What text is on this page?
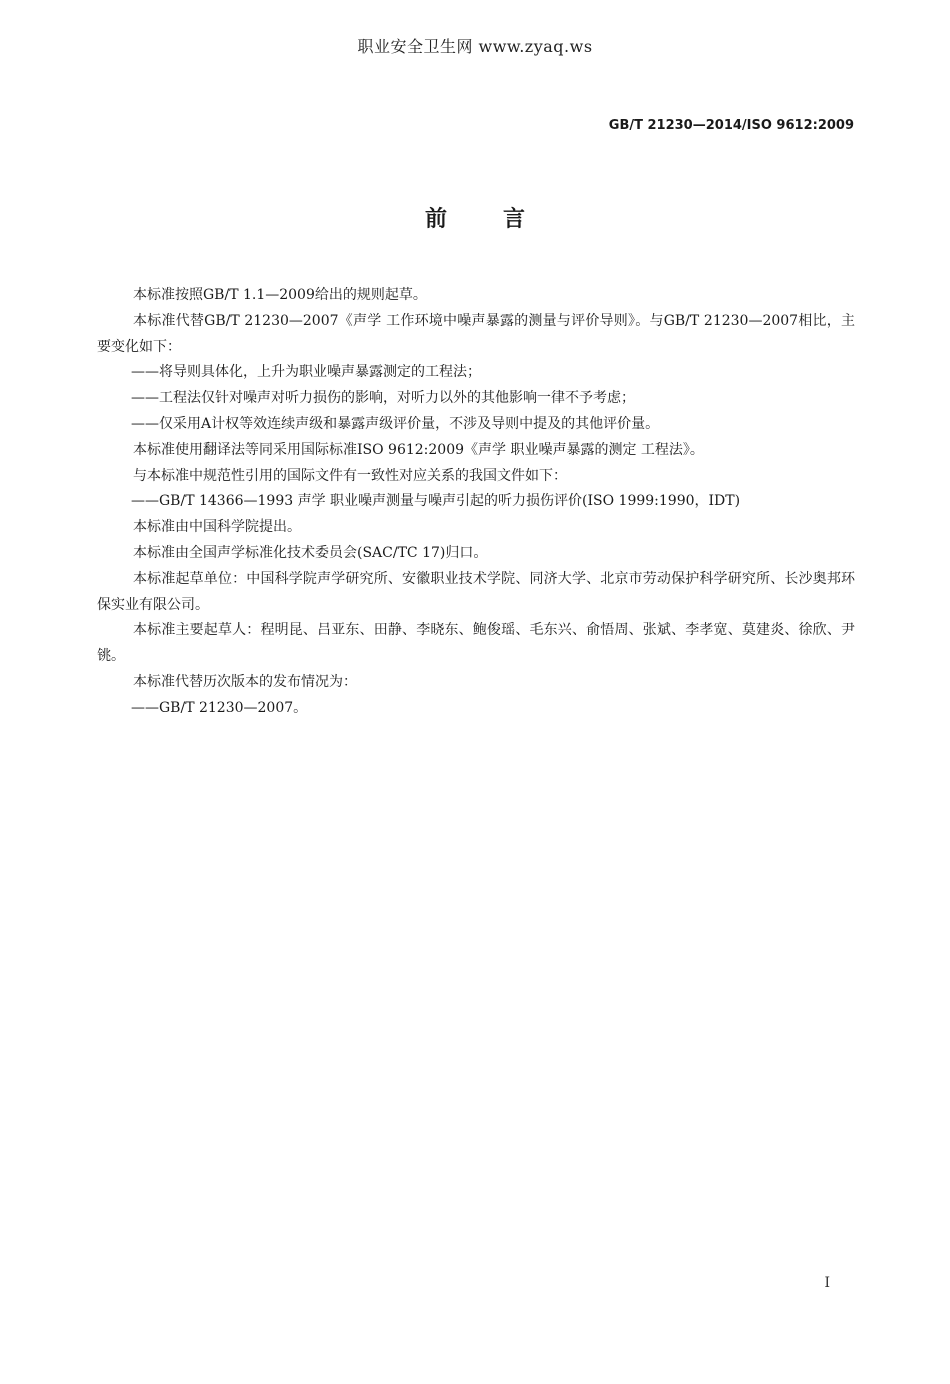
职业安全卫生网 www.zyaq.ws
GB/T 21230—2014/ISO 9612:2009
前言

本标准按照GB/T 1.1—2009给出的规则起草。

本标准代替GB/T 21230—2007《声学 工作环境中噪声暴露的测量与评价导则》。与GB/T 21230—2007相比，主要变化如下：

——将导则具体化，上升为职业噪声暴露测定的工程法；

——工程法仅针对噪声对听力损伤的影响，对听力以外的其他影响一律不予考虑；

——仅采用A计权等效连续声级和暴露声级评价量，不涉及导则中提及的其他评价量。

本标准使用翻译法等同采用国际标准ISO 9612:2009《声学 职业噪声暴露的测定 工程法》。

与本标准中规范性引用的国际文件有一致性对应关系的我国文件如下：

——GB/T 14366—1993 声学 职业噪声测量与噪声引起的听力损伤评价(ISO 1999:1990，IDT)

本标准由中国科学院提出。

本标准由全国声学标准化技术委员会(SAC/TC 17)归口。

本标准起草单位：中国科学院声学研究所、安徽职业技术学院、同济大学、北京市劳动保护科学研究所、长沙奥邦环保实业有限公司。

本标准主要起草人：程明昆、吕亚东、田静、李晓东、鲍俊瑶、毛东兴、俞悟周、张斌、李孝宽、莫建炎、徐欣、尹铫。

本标准代替历次版本的发布情况为：

——GB/T 21230—2007。

I
